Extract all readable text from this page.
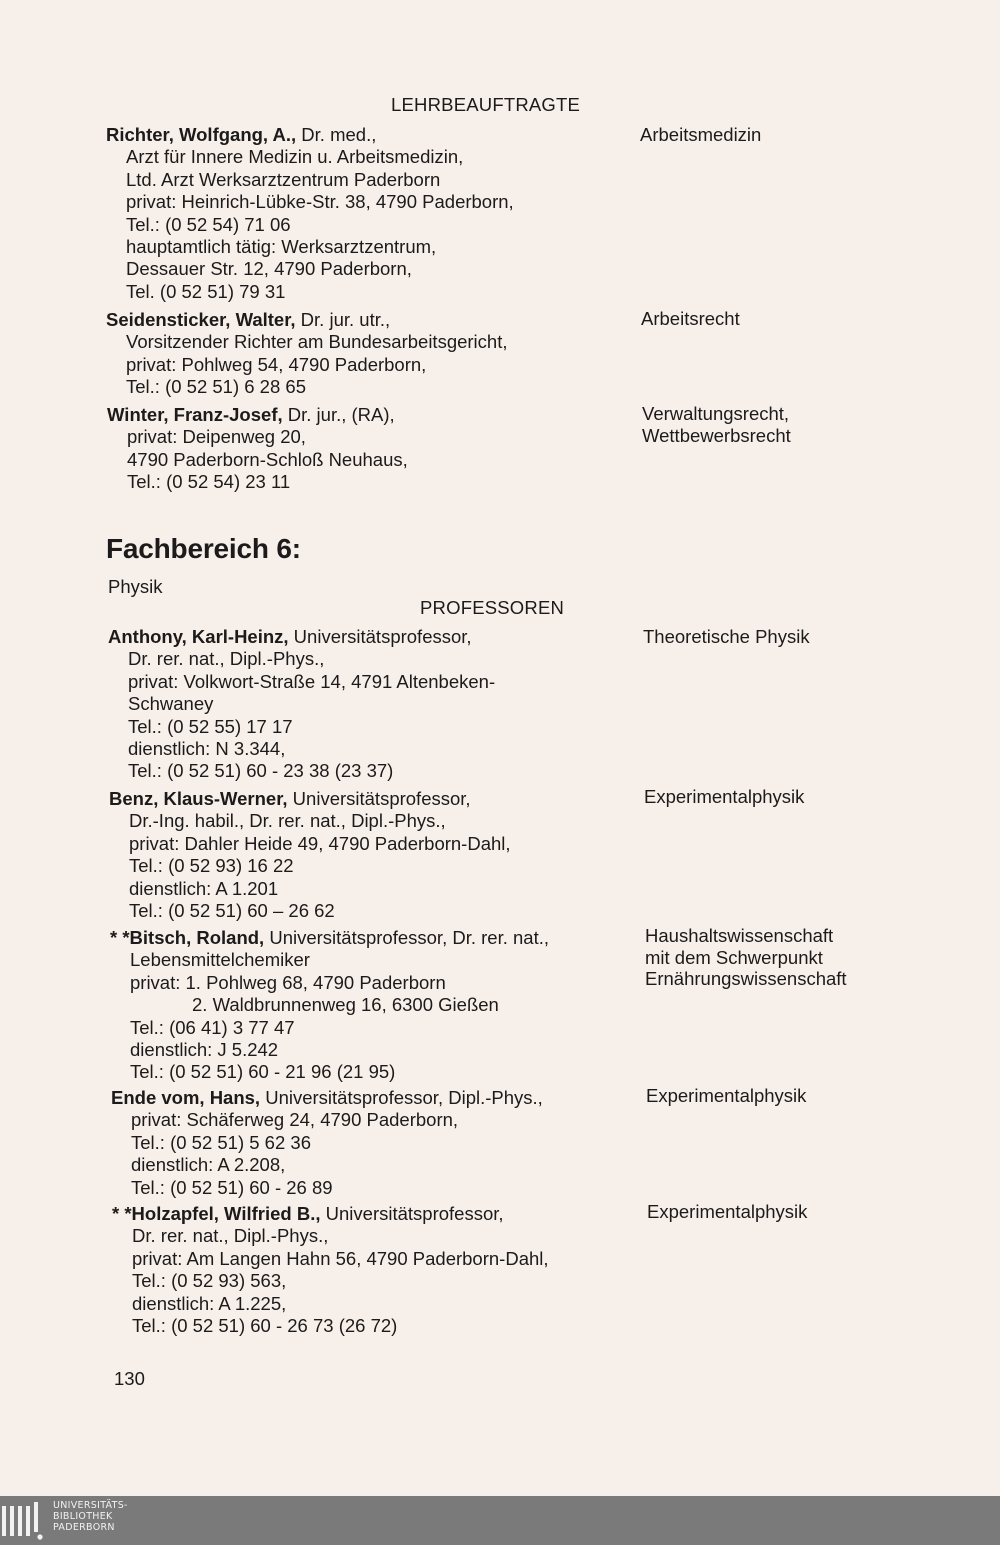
LEHRBEAUFTRAGTE
Richter, Wolfgang, A., Dr. med.,
Arzt für Innere Medizin u. Arbeitsmedizin,
Ltd. Arzt Werksarztzentrum Paderborn
privat: Heinrich-Lübke-Str. 38, 4790 Paderborn,
Tel.: (0 52 54) 71 06
hauptamtlich tätig: Werksarztzentrum,
Dessauer Str. 12, 4790 Paderborn,
Tel. (0 52 51) 79 31
Arbeitsmedizin
Seidensticker, Walter, Dr. jur. utr.,
Vorsitzender Richter am Bundesarbeitsgericht,
privat: Pohlweg 54, 4790 Paderborn,
Tel.: (0 52 51) 6 28 65
Arbeitsrecht
Winter, Franz-Josef, Dr. jur., (RA),
privat: Deipenweg 20,
4790 Paderborn-Schloß Neuhaus,
Tel.: (0 52 54) 23 11
Verwaltungsrecht,
Wettbewerbsrecht
Fachbereich 6:
Physik
PROFESSOREN
Anthony, Karl-Heinz, Universitätsprofessor,
Dr. rer. nat., Dipl.-Phys.,
privat: Volkwort-Straße 14, 4791 Altenbeken-
Schwaney
Tel.: (0 52 55) 17 17
dienstlich: N 3.344,
Tel.: (0 52 51) 60 - 23 38 (23 37)
Theoretische Physik
Benz, Klaus-Werner, Universitätsprofessor,
Dr.-Ing. habil., Dr. rer. nat., Dipl.-Phys.,
privat: Dahler Heide 49, 4790 Paderborn-Dahl,
Tel.: (0 52 93) 16 22
dienstlich: A 1.201
Tel.: (0 52 51) 60 – 26 62
Experimentalphysik
* *Bitsch, Roland, Universitätsprofessor, Dr. rer. nat.,
Lebensmittelchemiker
privat: 1. Pohlweg 68, 4790 Paderborn
2. Waldbrunnenweg 16, 6300 Gießen
Tel.: (06 41) 3 77 47
dienstlich: J 5.242
Tel.: (0 52 51) 60 - 21 96 (21 95)
Haushaltswissenschaft
mit dem Schwerpunkt
Ernährungswissenschaft
Ende vom, Hans, Universitätsprofessor, Dipl.-Phys.,
privat: Schäferweg 24, 4790 Paderborn,
Tel.: (0 52 51) 5 62 36
dienstlich: A 2.208,
Tel.: (0 52 51) 60 - 26 89
Experimentalphysik
* *Holzapfel, Wilfried B., Universitätsprofessor,
Dr. rer. nat., Dipl.-Phys.,
privat: Am Langen Hahn 56, 4790 Paderborn-Dahl,
Tel.: (0 52 93) 563,
dienstlich: A 1.225,
Tel.: (0 52 51) 60 - 26 73 (26 72)
Experimentalphysik
130
UNIVERSITÄTS-
BIBLIOTHEK
PADERBORN
